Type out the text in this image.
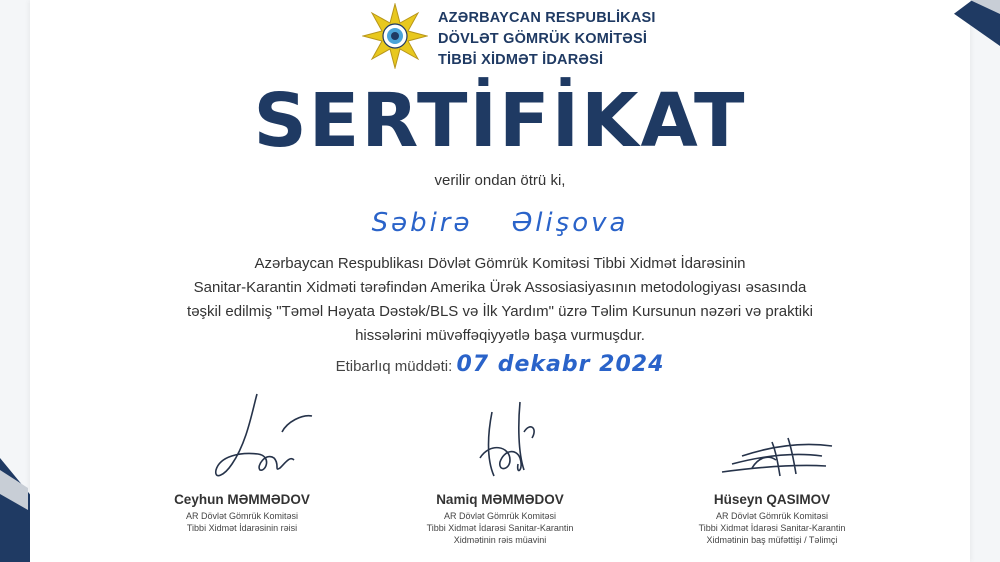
AZƏRBAYCAN RESPUBLİKASI
DÖVLƏT GÖMRÜK KOMİTƏSİ
TİBBİ XİDMƏT İDARƏSİ
SERTİFİKAT
verilir ondan ötrü ki,
Səbirə Əlişova
Azərbaycan Respublikası Dövlət Gömrük Komitəsi Tibbi Xidmət İdarəsinin
Sanitar-Karantin Xidməti tərəfindən Amerika Ürək Assosiasiyasının metodologiyası əsasında
təşkil edilmiş "Təməl Həyata Dəstək/BLS və İlk Yardım" üzrə Təlim Kursunun nəzəri və praktiki
hissələrini müvəffəqiyyətlə başa vurmuşdur.
Etibarlıq müddəti: 07 dekabr 2024
Ceyhun MƏMMƏDOV
AR Dövlət Gömrük Komitəsi
Tibbi Xidmət İdarəsinin rəisi
Namiq MƏMMƏDOV
AR Dövlət Gömrük Komitəsi
Tibbi Xidmət İdarəsi Sanitar-Karantin
Xidmətinin rəis müavini
Hüseyn QASIMOV
AR Dövlət Gömrük Komitəsi
Tibbi Xidmət İdarəsi Sanitar-Karantin
Xidmətinin baş müfəttişi / Təlimçi
